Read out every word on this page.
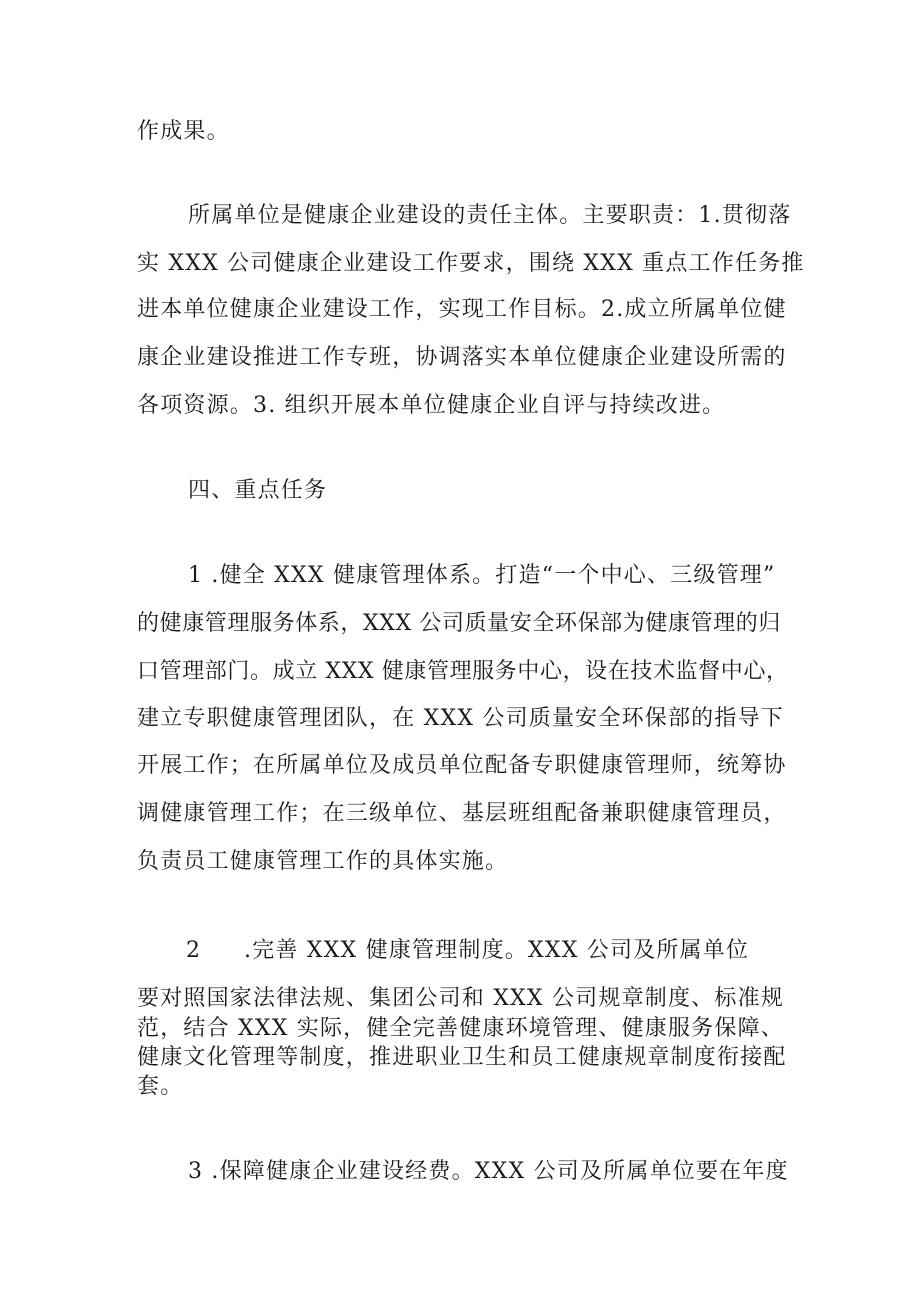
作成果。
所属单位是健康企业建设的责任主体。主要职责：1.贯彻落
实 XXX 公司健康企业建设工作要求，围绕 XXX 重点工作任务推
进本单位健康企业建设工作，实现工作目标。2.成立所属单位健
康企业建设推进工作专班，协调落实本单位健康企业建设所需的
各项资源。3. 组织开展本单位健康企业自评与持续改进。
四、重点任务
1 .健全 XXX 健康管理体系。打造“一个中心、三级管理”
的健康管理服务体系，XXX 公司质量安全环保部为健康管理的归
口管理部门。成立 XXX 健康管理服务中心，设在技术监督中心，
建立专职健康管理团队，在 XXX 公司质量安全环保部的指导下
开展工作；在所属单位及成员单位配备专职健康管理师，统筹协
调健康管理工作；在三级单位、基层班组配备兼职健康管理员，
负责员工健康管理工作的具体实施。
2 .完善 XXX 健康管理制度。XXX 公司及所属单位
要对照国家法律法规、集团公司和 XXX 公司规章制度、标准规
范，结合 XXX 实际，健全完善健康环境管理、健康服务保障、
健康文化管理等制度，推进职业卫生和员工健康规章制度衔接配
套。
3 .保障健康企业建设经费。XXX 公司及所属单位要在年度
